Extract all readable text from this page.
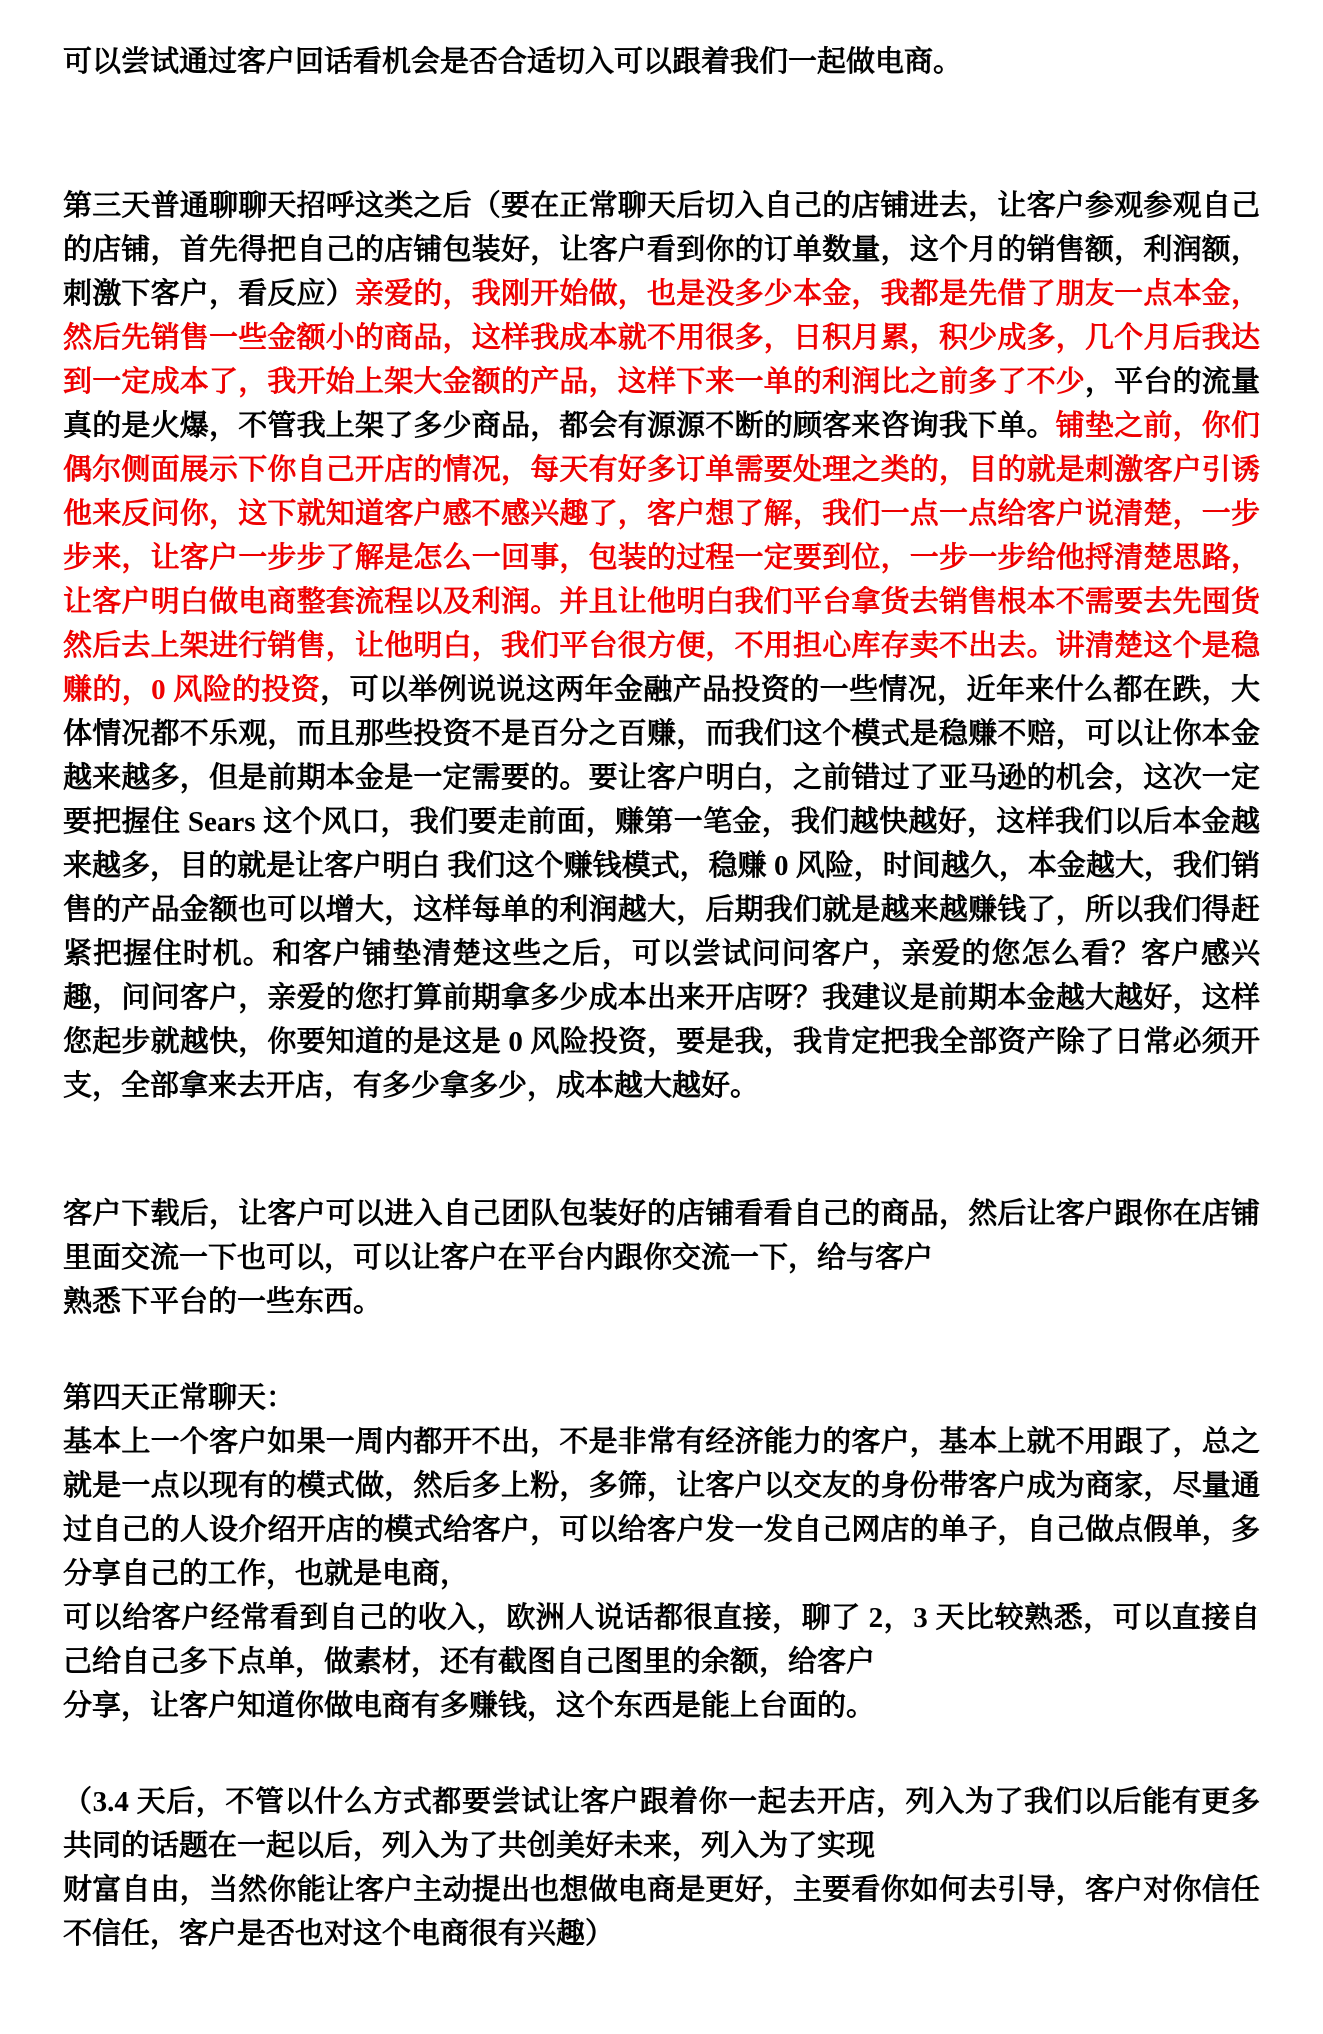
可以尝试通过客户回话看机会是否合适切入可以跟着我们一起做电商。

第三天普通聊聊天招呼这类之后（要在正常聊天后切入自己的店铺进去，让客户参观参观自己的店铺，首先得把自己的店铺包装好，让客户看到你的订单数量，这个月的销售额，利润额，刺激下客户，看反应）亲爱的，我刚开始做，也是没多少本金，我都是先借了朋友一点本金，然后先销售一些金额小的商品，这样我成本就不用很多，日积月累，积少成多，几个月后我达到一定成本了，我开始上架大金额的产品，这样下来一单的利润比之前多了不少，平台的流量真的是火爆，不管我上架了多少商品，都会有源源不断的顾客来咨询我下单。铺垫之前，你们偶尔侧面展示下你自己开店的情况，每天有好多订单需要处理之类的，目的就是刺激客户引诱他来反问你，这下就知道客户感不感兴趣了，客户想了解，我们一点一点给客户说清楚，一步步来，让客户一步步了解是怎么一回事，包装的过程一定要到位，一步一步给他捋清楚思路，让客户明白做电商整套流程以及利润。并且让他明白我们平台拿货去销售根本不需要去先囤货然后去上架进行销售，让他明白，我们平台很方便，不用担心库存卖不出去。讲清楚这个是稳赚的，0 风险的投资，可以举例说说这两年金融产品投资的一些情况，近年来什么都在跌，大体情况都不乐观，而且那些投资不是百分之百赚，而我们这个模式是稳赚不赔，可以让你本金越来越多，但是前期本金是一定需要的。要让客户明白，之前错过了亚马逊的机会，这次一定要把握住 Sears 这个风口，我们要走前面，赚第一笔金，我们越快越好，这样我们以后本金越来越多，目的就是让客户明白 我们这个赚钱模式，稳赚 0 风险，时间越久，本金越大，我们销售的产品金额也可以增大，这样每单的利润越大，后期我们就是越来越赚钱了，所以我们得赶紧把握住时机。和客户铺垫清楚这些之后，可以尝试问问客户，亲爱的您怎么看？客户感兴趣，问问客户，亲爱的您打算前期拿多少成本出来开店呀？我建议是前期本金越大越好，这样您起步就越快，你要知道的是这是 0 风险投资，要是我，我肯定把我全部资产除了日常必须开支，全部拿来去开店，有多少拿多少，成本越大越好。

客户下载后，让客户可以进入自己团队包装好的店铺看看自己的商品，然后让客户跟你在店铺里面交流一下也可以，可以让客户在平台内跟你交流一下，给与客户
熟悉下平台的一些东西。

第四天正常聊天：
基本上一个客户如果一周内都开不出，不是非常有经济能力的客户，基本上就不用跟了，总之就是一点以现有的模式做，然后多上粉，多筛，让客户以交友的身份带客户成为商家，尽量通过自己的人设介绍开店的模式给客户，可以给客户发一发自己网店的单子，自己做点假单，多分享自己的工作，也就是电商，
可以给客户经常看到自己的收入，欧洲人说话都很直接，聊了 2，3 天比较熟悉，可以直接自己给自己多下点单，做素材，还有截图自己图里的余额，给客户
分享，让客户知道你做电商有多赚钱，这个东西是能上台面的。

（3.4 天后，不管以什么方式都要尝试让客户跟着你一起去开店，列入为了我们以后能有更多共同的话题在一起以后，列入为了共创美好未来，列入为了实现
财富自由，当然你能让客户主动提出也想做电商是更好，主要看你如何去引导，客户对你信任不信任，客户是否也对这个电商很有兴趣）
